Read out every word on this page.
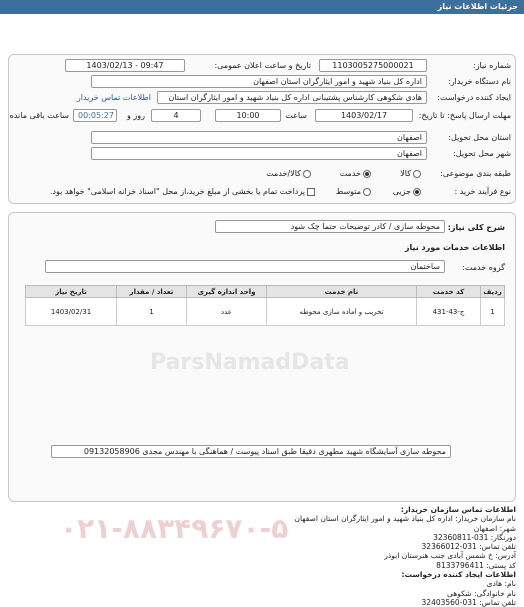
جزئیات اطلاعات نیاز
شماره نیاز:
1103005275000021
تاریخ و ساعت اعلان عمومی:
1403/02/13 - 09:47
نام دستگاه خریدار:
اداره کل بنیاد شهید و امور ایثارگران استان اصفهان
ایجاد کننده درخواست:
هادی شکوهی کارشناس پشتیبانی اداره کل بنیاد شهید و امور ایثارگران استان
اطلاعات تماس خریدار
مهلت ارسال پاسخ: تا تاریخ:
1403/02/17
ساعت
10:00
4
روز و
00:05:27
ساعت باقی مانده
استان محل تحویل:
اصفهان
شهر محل تحویل:
اصفهان
طبقه بندی موضوعی:
کالا
خدمت
کالا/خدمت
نوع فرآیند خرید :
جزیی
متوسط
پرداخت تمام یا بخشی از مبلغ خرید،از محل "اسناد خزانه اسلامی" خواهد بود.
شرح کلی نیاز:
محوطه سازی / کادر توضیحات حتما چک شود
اطلاعات خدمات مورد نیاز
گروه خدمت:
ساختمان
ردیف	کد خدمت	نام خدمت	واحد اندازه گیری	تعداد / مقدار	تاریخ نیاز
1	ج-43-431	تخریب و اماده سازی محوطه	عدد	1	1403/02/31
محوطه سازی آسایشگاه شهید مطهری دقیقا طبق اسناد پیوست / هماهنگی با مهندس مجدی 09132058906
ParsNamadData
اطلاعات تماس سازمان خریدار:
نام سازمان خریدار: اداره کل بنیاد شهید و امور ایثارگران استان اصفهان
شهر: اصفهان
دورنگار: 031-32360811
تلفن تماس: 031-32366012
آدرس: خ شمس آبادی جنب هنرستان ابوذر
کد پستی: 8133796411
اطلاعات ایجاد کننده درخواست:
نام: هادی
نام خانوادگی: شکوهی
تلفن تماس: 031-32403560
۰۲۱-۸۸۳۴۹۶۷۰-۵
